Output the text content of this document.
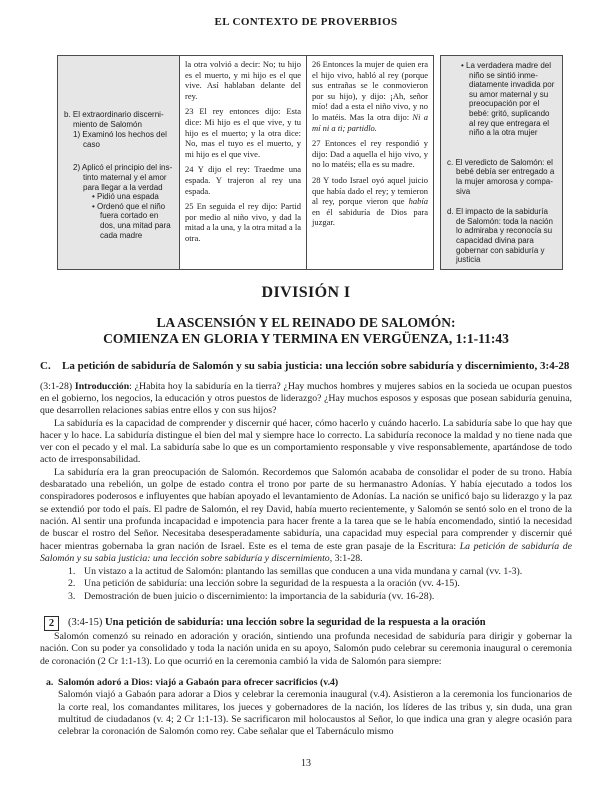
EL CONTEXTO DE PROVERBIOS
b. El extraordinario discernimiento de Salomón
1) Examinó los hechos del caso
2) Aplicó el principio del instinto maternal y el amor para llegar a la verdad
• Pidió una espada
• Ordenó que el niño fuera cortado en dos, una mitad para cada madre

la otra volvió a decir: No; tu hijo es el muerto, y mi hijo es el que vive. Así hablaban delante del rey.

23 El rey entonces dijo: Esta dice: Mi hijo es el que vive, y tu hijo es el muerto; y la otra dice: No, mas el tuyo es el muerto, y mi hijo es el que vive.

24 Y dijo el rey: Traedme una espada. Y trajeron al rey una espada.

25 En seguida el rey dijo: Partid por medio al niño vivo, y dad la mitad a la una, y la otra mitad a la otra.

26 Entonces la mujer de quien era el hijo vivo, habló al rey (porque sus entrañas se le conmovieron por su hijo), y dijo: ¡Ah, señor mío! dad a esta el niño vivo, y no lo matéis. Mas la otra dijo: Ni a mí ni a ti; partidlo.

27 Entonces el rey respondió y dijo: Dad a aquella el hijo vivo, y no lo matéis; ella es su madre.

28 Y todo Israel oyó aquel juicio que había dado el rey; y temieron al rey, porque vieron que había en él sabiduría de Dios para juzgar.

• La verdadera madre del niño se sintió inmediatamente invadida por su amor maternal y su preocupación por el bebé: gritó, suplicando al rey que entregara el niño a la otra mujer
c. El veredicto de Salomón: el bebé debía ser entregado a la mujer amorosa y compasiva
d. El impacto de la sabiduría de Salomón: toda la nación lo admiraba y reconocía su capacidad divina para gobernar con sabiduría y justicia
DIVISIÓN I
LA ASCENSIÓN Y EL REINADO DE SALOMÓN:
COMIENZA EN GLORIA Y TERMINA EN VERGÜENZA, 1:1-11:43
C. La petición de sabiduría de Salomón y su sabia justicia: una lección sobre sabiduría y discernimiento, 3:4-28
(3:1-28) Introducción: ¿Habita hoy la sabiduría en la tierra? ¿Hay muchos hombres y mujeres sabios en la socieda ue ocupan puestos en el gobierno, los negocios, la educación y otros puestos de liderazgo? ¿Hay muchos esposos y esposas que posean sabiduría genuina, que desarrollen relaciones sabias entre ellos y con sus hijos?
La sabiduría es la capacidad de comprender y discernir qué hacer, cómo hacerlo y cuándo hacerlo. La sabiduría sabe lo que hay que hacer y lo hace. La sabiduría distingue el bien del mal y siempre hace lo correcto. La sabiduría reconoce la maldad y no tiene nada que ver con el pecado y el mal. La sabiduría sabe lo que es un comportamiento responsable y vive responsablemente, apartándose de todo acto de irresponsabilidad.
La sabiduría era la gran preocupación de Salomón. Recordemos que Salomón acababa de consolidar el poder de su trono. Había desbaratado una rebelión, un golpe de estado contra el trono por parte de su hermanastro Adonías. Y había ejecutado a todos los conspiradores poderosos e influyentes que habían apoyado el levantamiento de Adonías. La nación se unificó bajo su liderazgo y la paz se extendió por todo el país. El padre de Salomón, el rey David, había muerto recientemente, y Salomón se sentó solo en el trono de la nación. Al sentir una profunda incapacidad e impotencia para hacer frente a la tarea que se le había encomendado, sintió la necesidad de buscar el rostro del Señor. Necesitaba desesperadamente sabiduría, una capacidad muy especial para comprender y discernir qué hacer mientras gobernaba la gran nación de Israel. Este es el tema de este gran pasaje de la Escritura: La petición de sabiduría de Salomón y su sabia justicia: una lección sobre sabiduría y discernimiento, 3:1-28.
1. Un vistazo a la actitud de Salomón: plantando las semillas que conducen a una vida mundana y carnal (vv. 1-3).
2. Una petición de sabiduría: una lección sobre la seguridad de la respuesta a la oración (vv. 4-15).
3. Demostración de buen juicio o discernimiento: la importancia de la sabiduría (vv. 16-28).
2	(3:4-15) Una petición de sabiduría: una lección sobre la seguridad de la respuesta a la oración
Salomón comenzó su reinado en adoración y oración, sintiendo una profunda necesidad de sabiduría para dirigir y gobernar la nación. Con su poder ya consolidado y toda la nación unida en su apoyo, Salomón pudo celebrar su ceremonia inaugural o ceremonia de coronación (2 Cr 1:1-13). Lo que ocurrió en la ceremonia cambió la vida de Salomón para siempre:
a. Salomón adoró a Dios: viajó a Gabaón para ofrecer sacrificios (v.4)
Salomón viajó a Gabaón para adorar a Dios y celebrar la ceremonia inaugural (v.4). Asistieron a la ceremonia los funcionarios de la corte real, los comandantes militares, los jueces y gobernadores de la nación, los líderes de las tribus y, sin duda, una gran multitud de ciudadanos (v. 4; 2 Cr 1:1-13). Se sacrificaron mil holocaustos al Señor, lo que indica una gran y alegre ocasión para celebrar la coronación de Salomón como rey. Cabe señalar que el Tabernáculo mismo
13
